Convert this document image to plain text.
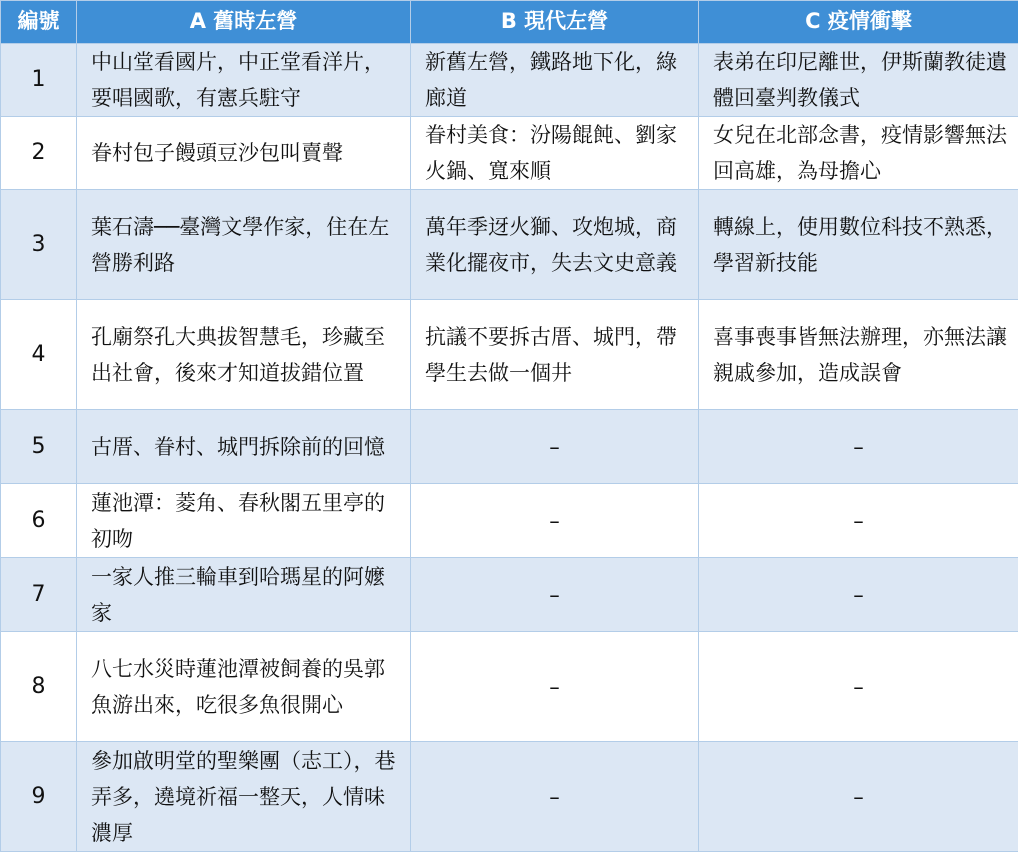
編號	A 舊時左營	B 現代左營	C 疫情衝擊
1	中山堂看國片，中正堂看洋片，要唱國歌，有憲兵駐守	新舊左營，鐵路地下化，綠廊道	表弟在印尼離世，伊斯蘭教徒遺體回臺判教儀式
2	眷村包子饅頭豆沙包叫賣聲	眷村美食：汾陽餛飩、劉家火鍋、寬來順	女兒在北部念書，疫情影響無法回高雄，為母擔心
3	葉石濤──臺灣文學作家，住在左營勝利路	萬年季迓火獅、攻炮城，商業化擺夜市，失去文史意義	轉線上，使用數位科技不熟悉，學習新技能
4	孔廟祭孔大典拔智慧毛，珍藏至出社會，後來才知道拔錯位置	抗議不要拆古厝、城門，帶學生去做一個井	喜事喪事皆無法辦理，亦無法讓親戚參加，造成誤會
5	古厝、眷村、城門拆除前的回憶	–	–
6	蓮池潭：菱角、春秋閣五里亭的初吻	–	–
7	一家人推三輪車到哈瑪星的阿嬤家	–	–
8	八七水災時蓮池潭被飼養的吳郭魚游出來，吃很多魚很開心	–	–
9	參加啟明堂的聖樂團（志工），巷弄多，遶境祈福一整天，人情味濃厚	–	–
